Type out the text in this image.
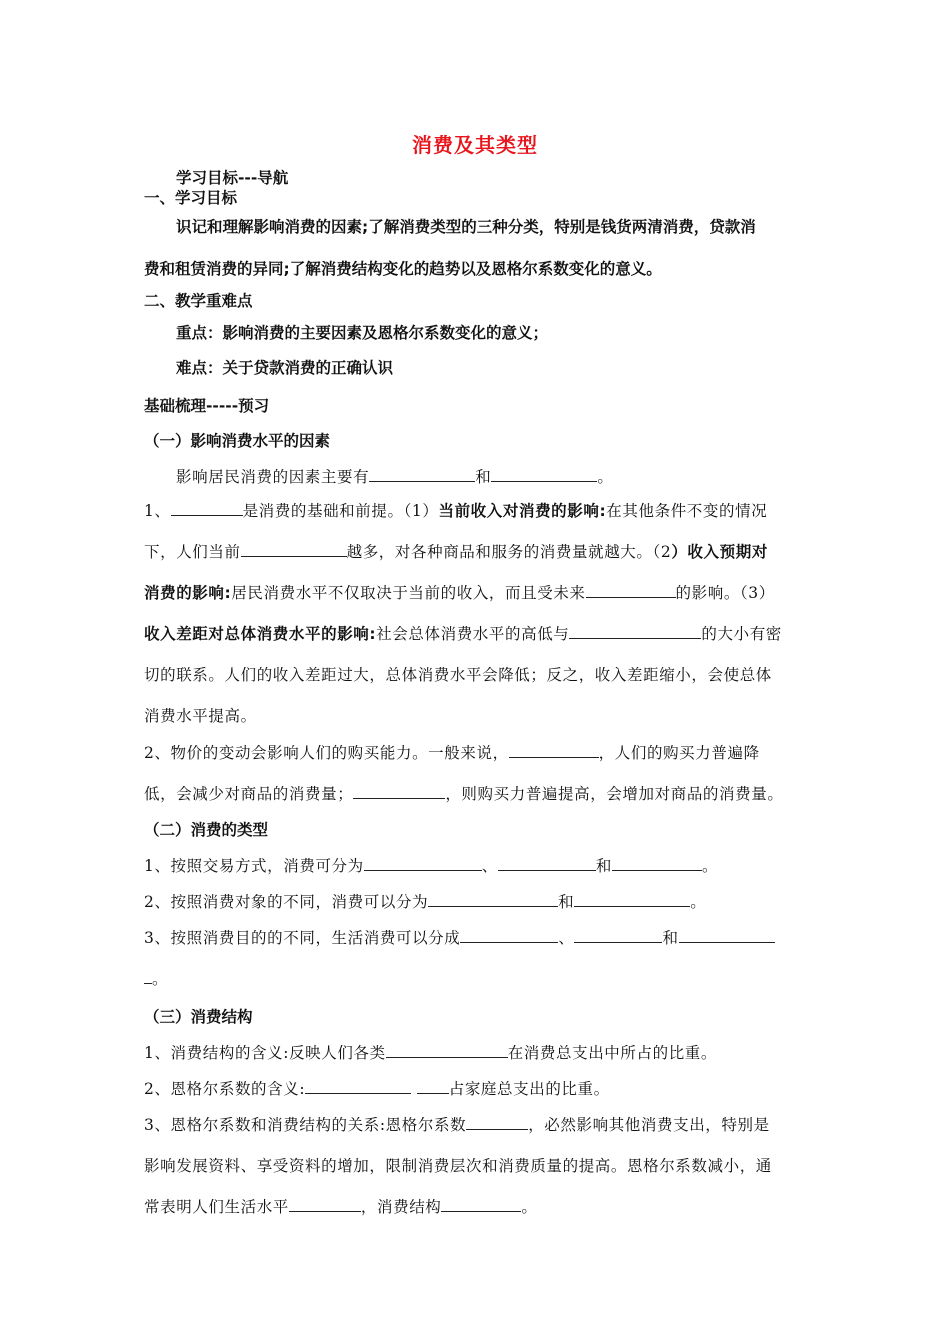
消费及其类型
学习目标---导航
一、学习目标
识记和理解影响消费的因素;了解消费类型的三种分类，特别是钱货两清消费，贷款消
费和租赁消费的异同;了解消费结构变化的趋势以及恩格尔系数变化的意义。
二、教学重难点
重点：影响消费的主要因素及恩格尔系数变化的意义；
难点：关于贷款消费的正确认识
基础梳理-----预习
（一）影响消费水平的因素
影响居民消费的因素主要有	和	。
1、	是消费的基础和前提。（1）当前收入对消费的影响:在其他条件不变的情况
下，人们当前	越多，对各种商品和服务的消费量就越大。（2）收入预期对
消费的影响:居民消费水平不仅取决于当前的收入，而且受未来	的影响。（3）
收入差距对总体消费水平的影响:社会总体消费水平的高低与	的大小有密
切的联系。人们的收入差距过大，总体消费水平会降低；反之，收入差距缩小，会使总体
消费水平提高。
2、物价的变动会影响人们的购买能力。一般来说，	，人们的购买力普遍降
低，会减少对商品的消费量；	，则购买力普遍提高，会增加对商品的消费量。
（二）消费的类型
1、按照交易方式，消费可分为	、	和	。
2、按照消费对象的不同，消费可以分为	和	。
3、按照消费目的的不同，生活消费可以分成	、	和
。
（三）消费结构
1、消费结构的含义:反映人们各类	在消费总支出中所占的比重。
2、恩格尔系数的含义:	占家庭总支出的比重。
3、恩格尔系数和消费结构的关系:恩格尔系数	，必然影响其他消费支出，特别是
影响发展资料、享受资料的增加，限制消费层次和消费质量的提高。恩格尔系数减小，通
常表明人们生活水平	，消费结构	。
